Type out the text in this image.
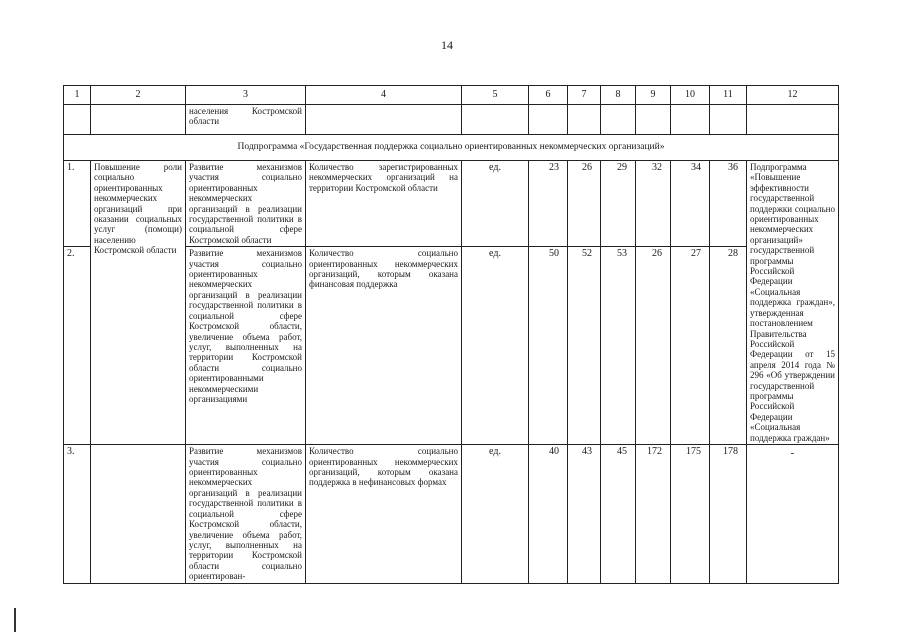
14
1	2	3	4	5	6	7	8	9	10	11	12
		населения Костромской области									
Подпрограмма «Государственная поддержка социально ориентированных некоммерческих организаций»											
1.	Повышение роли социально ориентированных некоммерческих организаций при оказании социальных услуг (помощи) населению Костромской области	Развитие механизмов участия социально ориентированных некоммерческих организаций в реализации государственной политики в социальной сфере Костромской области	Количество зарегистрированных некоммерческих организаций на территории Костромской области	ед.	23	26	29	32	34	36	Подпрограмма «Повышение эффективности государственной поддержки социально ориентированных некоммерческих организаций» государственной программы Российской Федерации «Социальная поддержка граждан», утвержденная постановлением Правительства Российской Федерации от 15 апреля 2014 года № 296 «Об утверждении государственной программы Российской Федерации «Социальная поддержка граждан»
2.		Развитие механизмов участия социально ориентированных некоммерческих организаций в реализации государственной политики в социальной сфере Костромской области, увеличение объема работ, услуг, выполненных на территории Костромской области социально ориентированными некоммерческими организациями	Количество социально ориентированных некоммерческих организаций, которым оказана финансовая поддержка	ед.	50	52	53	26	27	28	
3.		Развитие механизмов участия социально ориентированных некоммерческих организаций в реализации государственной политики в социальной сфере Костромской области, увеличение объема работ, услуг, выполненных на территории Костромской области социально ориентирован-	Количество социально ориентированных некоммерческих организаций, которым оказана поддержка в нефинансовых формах	ед.	40	43	45	172	175	178	-
